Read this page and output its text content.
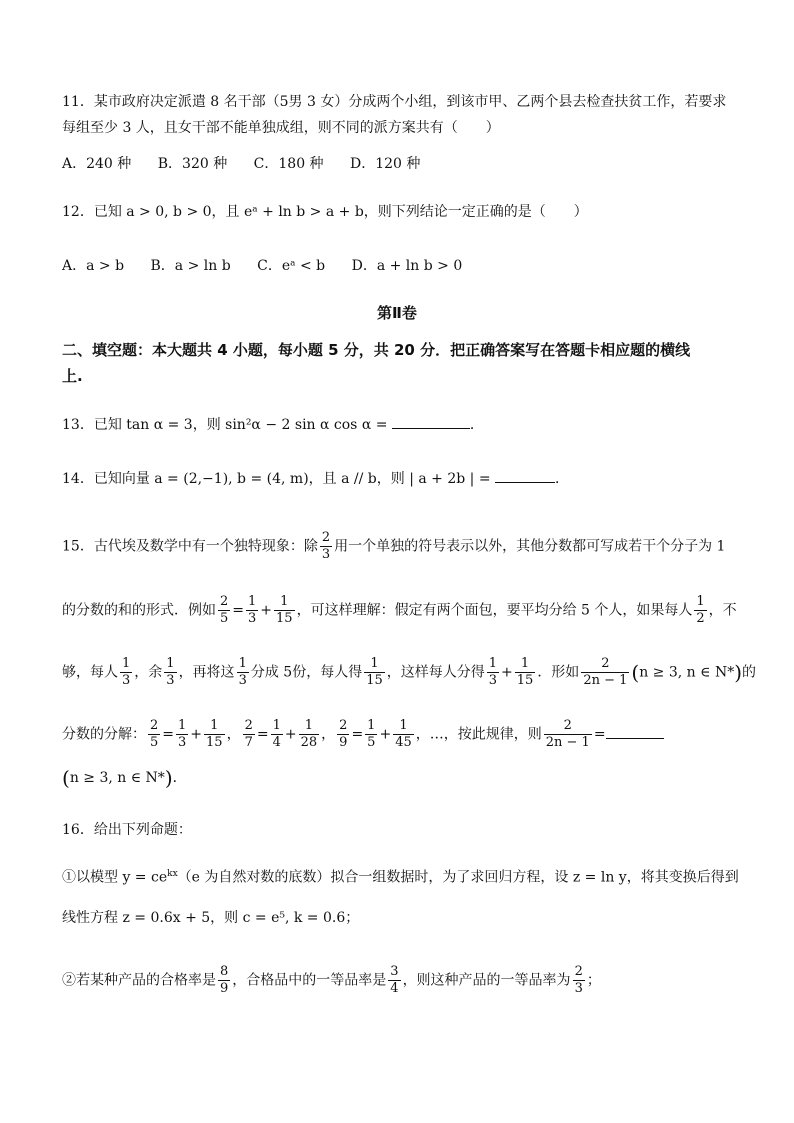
11．某市政府决定派遣 8 名干部（5男 3 女）分成两个小组，到该市甲、乙两个县去检查扶贫工作，若要求
每组至少 3 人，且女干部不能单独成组，则不同的派方案共有（　　）
A．240 种 B．320 种 C．180 种 D．120 种
12．已知 a > 0, b > 0，且 eᵃ + ln b > a + b，则下列结论一定正确的是（　　）
A．a > b B．a > ln b C．eᵃ < b D．a + ln b > 0
第Ⅱ卷
二、填空题：本大题共 4 小题，每小题 5 分，共 20 分．把正确答案写在答题卡相应题的横线
上.
13．已知 tan α = 3，则 sin²α − 2 sin α cos α =	．
14．已知向量 a = (2,−1), b = (4, m)，且 a // b，则 | a + 2b | =	．
15．古代埃及数学中有一个独特现象：除 $\frac{2}{3}$ 用一个单独的符号表示以外，其他分数都可写成若干个分子为 1
的分数的和的形式．例如 $\frac{2}{5} = \frac{1}{3} + \frac{1}{15}$ ，可这样理解：假定有两个面包，要平均分给 5 个人，如果每人 $\frac{1}{2}$ ，不
够，每人 $\frac{1}{3}$ ，余 $\frac{1}{3}$ ，再将这 $\frac{1}{3}$ 分成 5份，每人得 $\frac{1}{15}$ ，这样每人分得 $\frac{1}{3} + \frac{1}{15}$ ．形如 $\frac{2}{2n - 1} (n \ge 3$, n ∈ N*)的
分数的分解： $\frac{2}{5} = \frac{1}{3} + \frac{1}{15}$ ， $\frac{2}{7} = \frac{1}{4} + \frac{1}{28}$ ， $\frac{2}{9} = \frac{1}{5} + \frac{1}{45}$ ，…，按此规律，则 $\frac{2}{2n - 1}$ =
(n ≥ 3, n ∈ N*)．
16．给出下列命题：
①以模型 $y = ce^{kx}(e$ 为自然对数的底数）拟合一组数据时，为了求回归方程，设 z = ln y，将其变换后得到
线性方程 z = 0.6x + 5，则 c = e⁵, k = 0.6；
②若某种产品的合格率是 $\frac{8}{9}$ ，合格品中的一等品率是 $\frac{3}{4}$ ，则这种产品的一等品率为 $\frac{2}{3}$ ；
